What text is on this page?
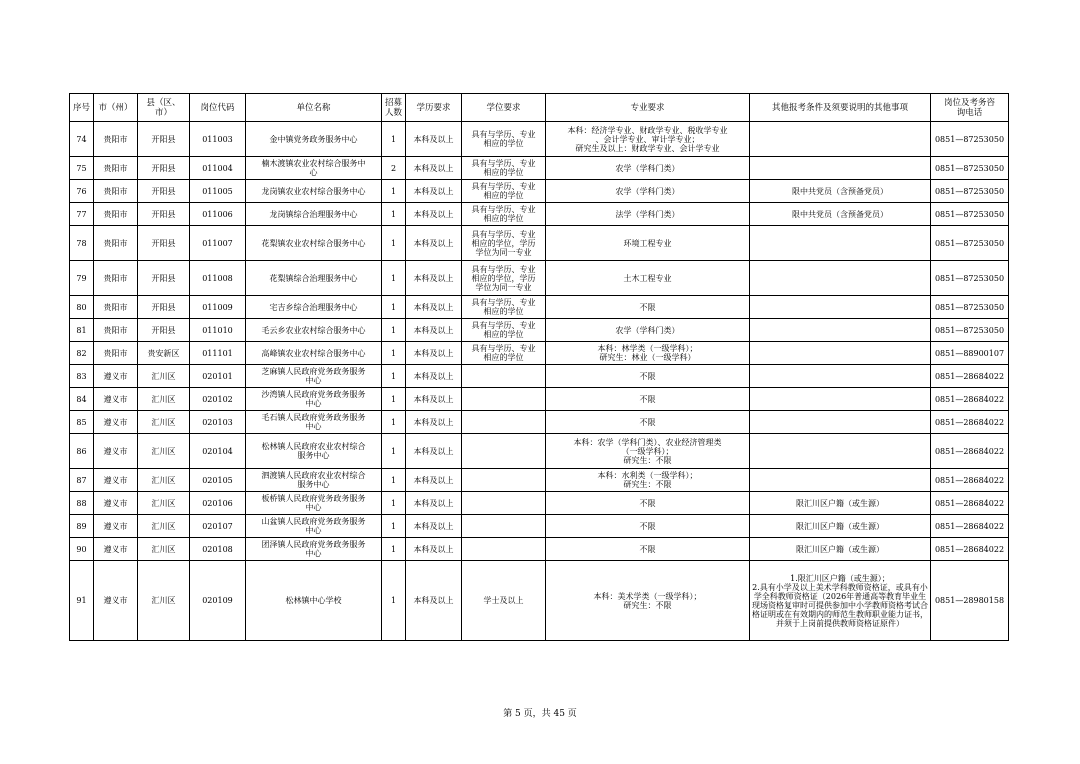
序号	市（州）	县（区、
市）	岗位代码	单位名称	招募
人数	学历要求	学位要求	专业要求	其他报考条件及须要说明的其他事项	岗位及考务咨
询电话
74	贵阳市	开阳县	011003	金中镇党务政务服务中心	1	本科及以上	具有与学历、专业
相应的学位	本科：经济学专业、财政学专业、税收学专业
、会计学专业、审计学专业；
研究生及以上：财政学专业、会计学专业		0851—87253050
75	贵阳市	开阳县	011004	楠木渡镇农业农村综合服务中
心	2	本科及以上	具有与学历、专业
相应的学位	农学（学科门类）		0851—87253050
76	贵阳市	开阳县	011005	龙岗镇农业农村综合服务中心	1	本科及以上	具有与学历、专业
相应的学位	农学（学科门类）	限中共党员（含预备党员）	0851—87253050
77	贵阳市	开阳县	011006	龙岗镇综合治理服务中心	1	本科及以上	具有与学历、专业
相应的学位	法学（学科门类）	限中共党员（含预备党员）	0851—87253050
78	贵阳市	开阳县	011007	花梨镇农业农村综合服务中心	1	本科及以上	具有与学历、专业
相应的学位，学历
学位为同一专业	环境工程专业		0851—87253050
79	贵阳市	开阳县	011008	花梨镇综合治理服务中心	1	本科及以上	具有与学历、专业
相应的学位，学历
学位为同一专业	土木工程专业		0851—87253050
80	贵阳市	开阳县	011009	宅吉乡综合治理服务中心	1	本科及以上	具有与学历、专业
相应的学位	不限		0851—87253050
81	贵阳市	开阳县	011010	毛云乡农业农村综合服务中心	1	本科及以上	具有与学历、专业
相应的学位	农学（学科门类）		0851—87253050
82	贵阳市	贵安新区	011101	高峰镇农业农村综合服务中心	1	本科及以上	具有与学历、专业
相应的学位	本科：林学类（一级学科）；
研究生：林业（一级学科）		0851—88900107
83	遵义市	汇川区	020101	芝麻镇人民政府党务政务服务
中心	1	本科及以上		不限		0851—28684022
84	遵义市	汇川区	020102	沙湾镇人民政府党务政务服务
中心	1	本科及以上		不限		0851—28684022
85	遵义市	汇川区	020103	毛石镇人民政府党务政务服务
中心	1	本科及以上		不限		0851—28684022
86	遵义市	汇川区	020104	松林镇人民政府农业农村综合
服务中心	1	本科及以上		本科：农学（学科门类）、农业经济管理类
（一级学科）；
研究生：不限		0851—28684022
87	遵义市	汇川区	020105	泗渡镇人民政府农业农村综合
服务中心	1	本科及以上		本科：水利类（一级学科）；
研究生：不限		0851—28684022
88	遵义市	汇川区	020106	板桥镇人民政府党务政务服务
中心	1	本科及以上		不限	限汇川区户籍（或生源）	0851—28684022
89	遵义市	汇川区	020107	山盆镇人民政府党务政务服务
中心	1	本科及以上		不限	限汇川区户籍（或生源）	0851—28684022
90	遵义市	汇川区	020108	团泽镇人民政府党务政务服务
中心	1	本科及以上		不限	限汇川区户籍（或生源）	0851—28684022
91	遵义市	汇川区	020109	松林镇中心学校	1	本科及以上	学士及以上	本科：美术学类（一级学科）；
研究生：不限	1.限汇川区户籍（或生源）；
2.具有小学及以上美术学科教师资格证，或具有小学全科教师资格证（2026年普通高等教育毕业生现场资格复审时可提供参加中小学教师资格考试合格证明或在有效期内的师范生教师职业能力证书，并须于上岗前提供教师资格证原件）	0851—28980158
第 5 页，共 45 页
